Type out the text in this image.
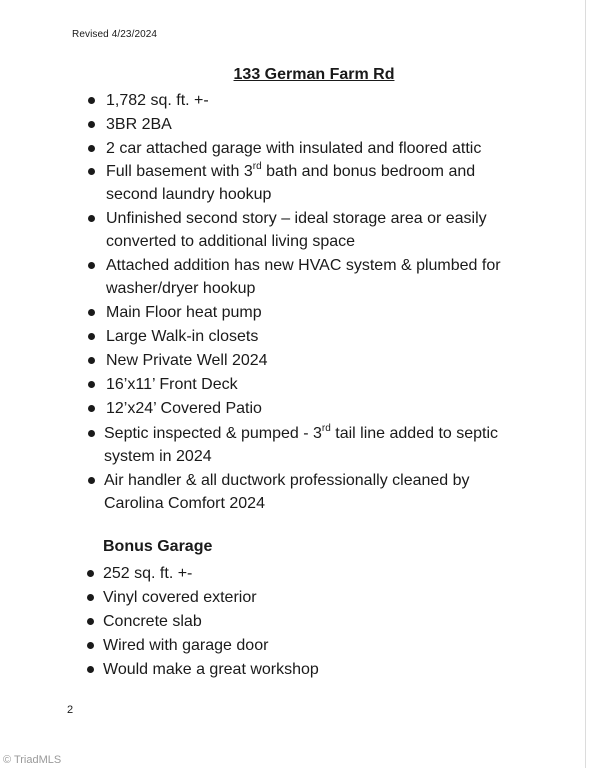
Revised 4/23/2024
133 German Farm Rd
1,782 sq. ft. +-
3BR 2BA
2 car attached garage with insulated and floored attic
Full basement with 3rd bath and bonus bedroom and
second laundry hookup
Unfinished second story – ideal storage area or easily
converted to additional living space
Attached addition has new HVAC system & plumbed for
washer/dryer hookup
Main Floor heat pump
Large Walk-in closets
New Private Well 2024
16’x11’ Front Deck
12’x24’ Covered Patio
Septic inspected & pumped - 3rd tail line added to septic
system in 2024
Air handler & all ductwork professionally cleaned by
Carolina Comfort 2024
Bonus Garage
252 sq. ft. +-
Vinyl covered exterior
Concrete slab
Wired with garage door
Would make a great workshop
2
© TriadMLS
